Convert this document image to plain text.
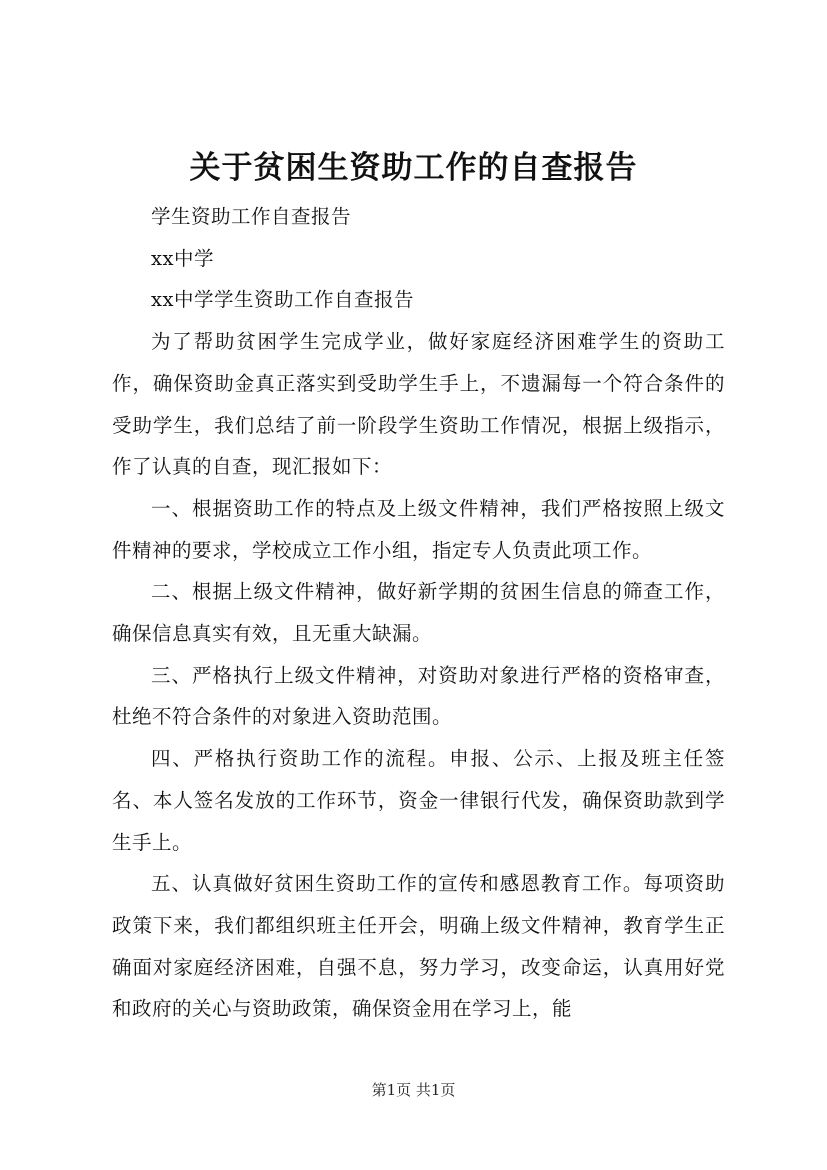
关于贫困生资助工作的自查报告

学生资助工作自查报告

xx中学

xx中学学生资助工作自查报告

为了帮助贫困学生完成学业，做好家庭经济困难学生的资助工作，确保资助金真正落实到受助学生手上，不遗漏每一个符合条件的受助学生，我们总结了前一阶段学生资助工作情况，根据上级指示，作了认真的自查，现汇报如下：

一、根据资助工作的特点及上级文件精神，我们严格按照上级文件精神的要求，学校成立工作小组，指定专人负责此项工作。

二、根据上级文件精神，做好新学期的贫困生信息的筛查工作，确保信息真实有效，且无重大缺漏。

三、严格执行上级文件精神，对资助对象进行严格的资格审查，杜绝不符合条件的对象进入资助范围。

四、严格执行资助工作的流程。申报、公示、上报及班主任签名、本人签名发放的工作环节，资金一律银行代发，确保资助款到学生手上。

五、认真做好贫困生资助工作的宣传和感恩教育工作。每项资助政策下来，我们都组织班主任开会，明确上级文件精神，教育学生正确面对家庭经济困难，自强不息，努力学习，改变命运，认真用好党和政府的关心与资助政策，确保资金用在学习上，能

第1页 共1页
